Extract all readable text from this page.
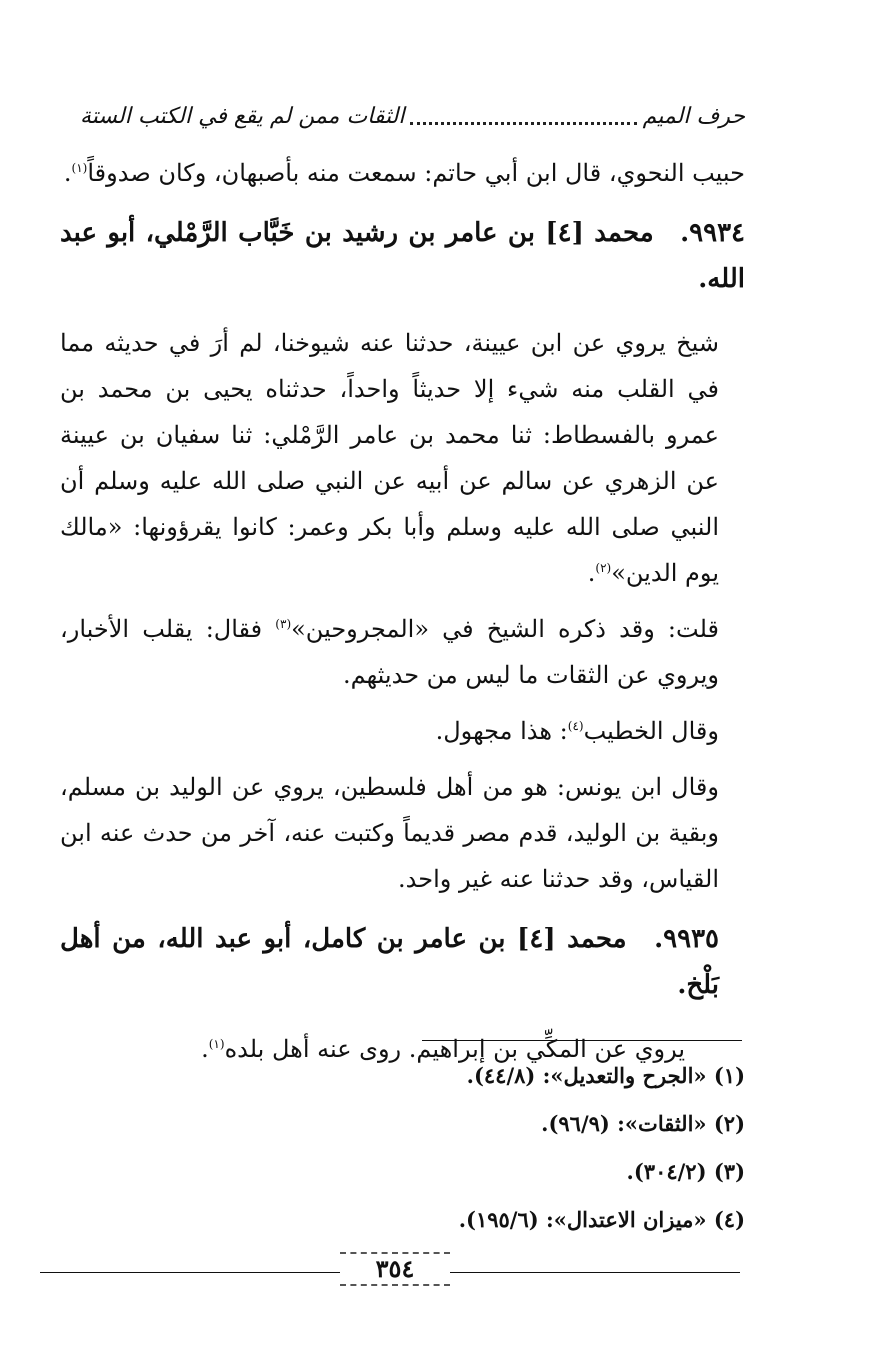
حرف الميم
الثقات ممن لم يقع في الكتب الستة

حبيب النحوي، قال ابن أبي حاتم: سمعت منه بأصبهان، وكان صدوقاً$^{(١)}$.

٩٩٣٤. محمد [٤] بن عامر بن رشيد بن خَبَّاب الرَّمْلي، أبو عبد الله.

شيخ يروي عن ابن عيينة، حدثنا عنه شيوخنا، لم أرَ في حديثه مما في القلب منه شيء إلا حديثاً واحداً، حدثناه يحيى بن محمد بن عمرو بالفسطاط: ثنا محمد بن عامر الرَّمْلي: ثنا سفيان بن عيينة عن الزهري عن سالم عن أبيه عن النبي صلى الله عليه وسلم أن النبي صلى الله عليه وسلم وأبا بكر وعمر: كانوا يقرؤونها: «مالك يوم الدين»$^{(٢)}$.

قلت: وقد ذكره الشيخ في «المجروحين»$^{(٣)}$ فقال: يقلب الأخبار، ويروي عن الثقات ما ليس من حديثهم.

وقال الخطيب$^{(٤)}$: هذا مجهول.

وقال ابن يونس: هو من أهل فلسطين، يروي عن الوليد بن مسلم، وبقية بن الوليد، قدم مصر قديماً وكتبت عنه، آخر من حدث عنه ابن القياس، وقد حدثنا عنه غير واحد.

٩٩٣٥. محمد [٤] بن عامر بن كامل، أبو عبد الله، من أهل بَلْخ.

يروي عن المكِّي بن إبراهيم. روى عنه أهل بلده$^{(١)}$.

(١) «الجرح والتعديل»: (٤٤/٨).
(٢) «الثقات»: (٩٦/٩).
(٣) (٣٠٤/٢).
(٤) «ميزان الاعتدال»: (١٩٥/٦).
٣٥٤
